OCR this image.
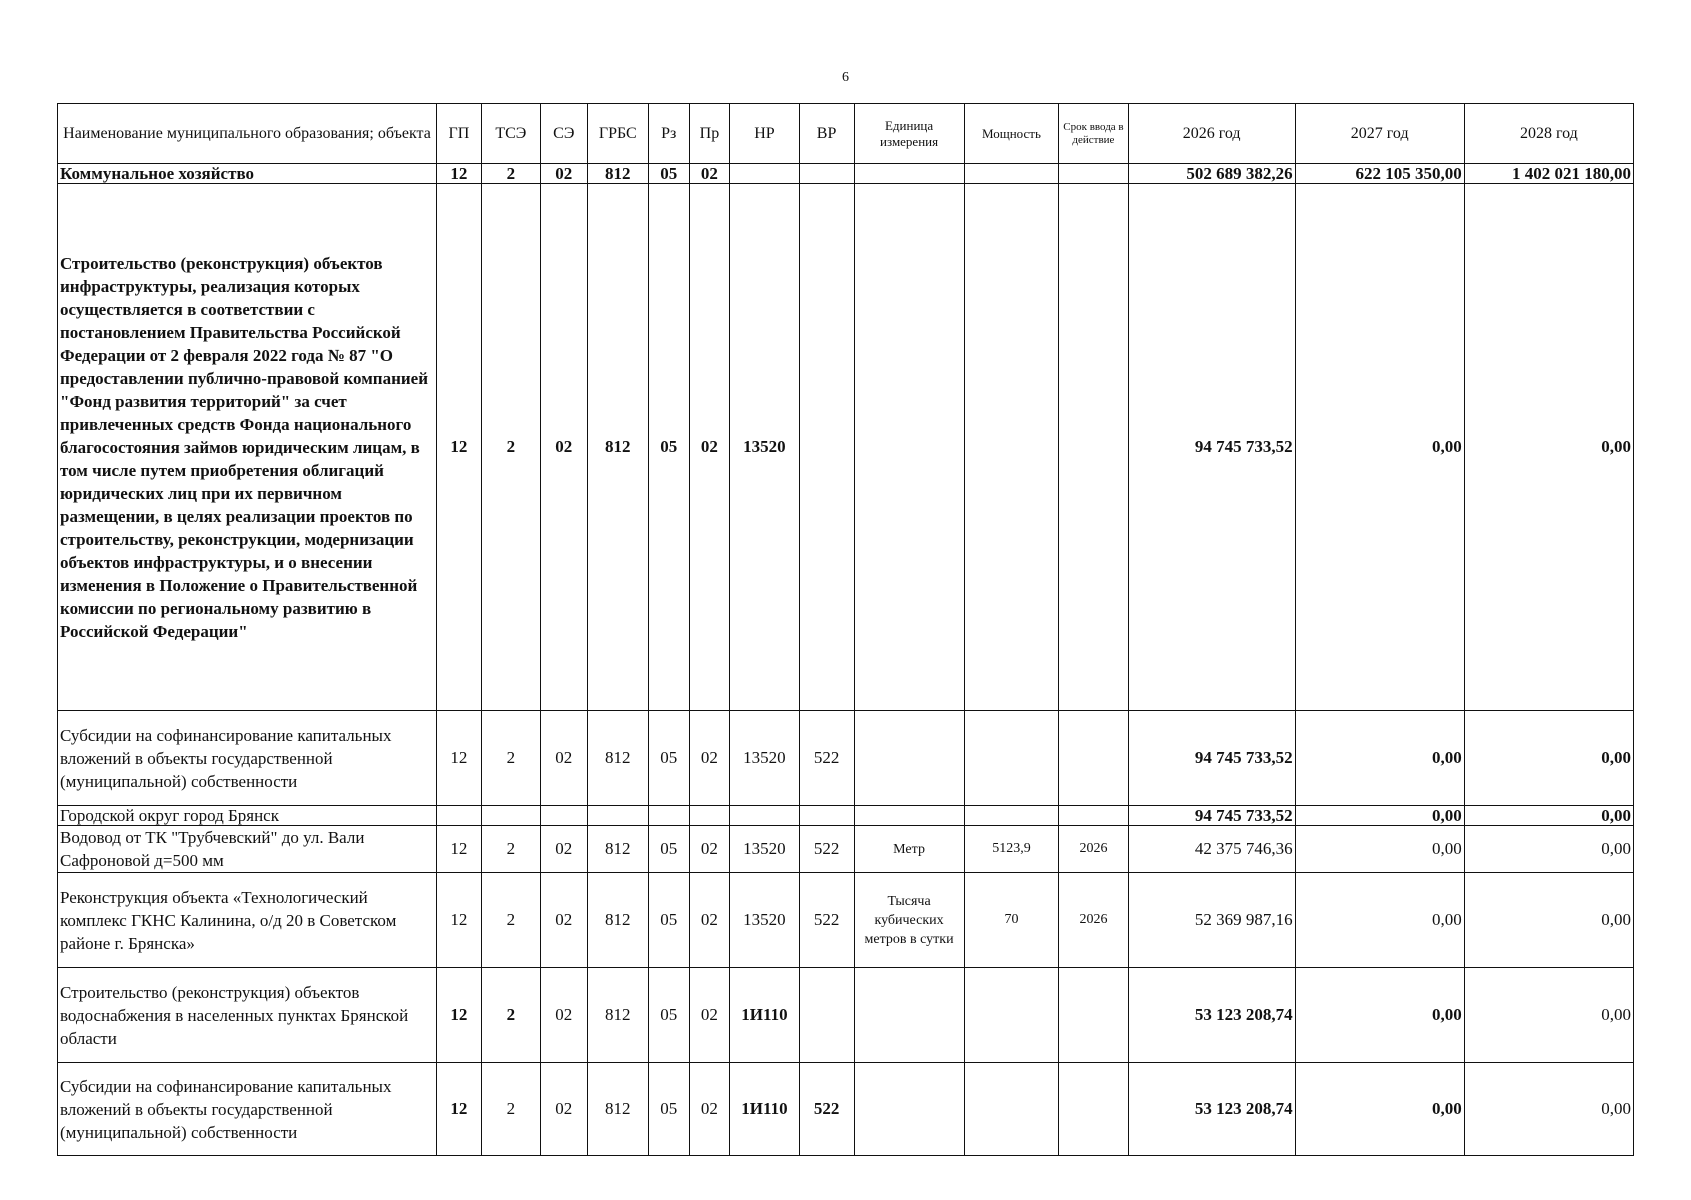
6
Наименование муниципального образования; объекта	ГП	ТСЭ	СЭ	ГРБС	Рз	Пр	НР	ВР	Единица измерения	Мощность	Срок ввода в действие	2026 год	2027 год	2028 год
Коммунальное хозяйство	12	2	02	812	05	02						502 689 382,26	622 105 350,00	1 402 021 180,00
Строительство (реконструкция) объектов инфраструктуры, реализация которых осуществляется в соответствии с постановлением Правительства Российской Федерации от 2 февраля 2022 года № 87 "О предоставлении публично-правовой компанией "Фонд развития территорий" за счет привлеченных средств Фонда национального благосостояния займов юридическим лицам, в том числе путем приобретения облигаций юридических лиц при их первичном размещении, в целях реализации проектов по строительству, реконструкции, модернизации объектов инфраструктуры, и о внесении изменения в Положение о Правительственной комиссии по региональному развитию в Российской Федерации"	12	2	02	812	05	02	13520					94 745 733,52	0,00	0,00
Субсидии на софинансирование капитальных вложений в объекты государственной (муниципальной) собственности	12	2	02	812	05	02	13520	522				94 745 733,52	0,00	0,00
Городской округ город Брянск												94 745 733,52	0,00	0,00
Водовод от ТК "Трубчевский" до ул. Вали Сафроновой д=500 мм	12	2	02	812	05	02	13520	522	Метр	5123,9	2026	42 375 746,36	0,00	0,00
Реконструкция объекта «Технологический комплекс ГКНС Калинина, о/д 20 в Советском районе г. Брянска»	12	2	02	812	05	02	13520	522	Тысяча кубических метров в сутки	70	2026	52 369 987,16	0,00	0,00
Строительство (реконструкция) объектов водоснабжения в населенных пунктах Брянской области	12	2	02	812	05	02	1И110					53 123 208,74	0,00	0,00
Субсидии на софинансирование капитальных вложений в объекты государственной (муниципальной) собственности	12	2	02	812	05	02	1И110	522				53 123 208,74	0,00	0,00
